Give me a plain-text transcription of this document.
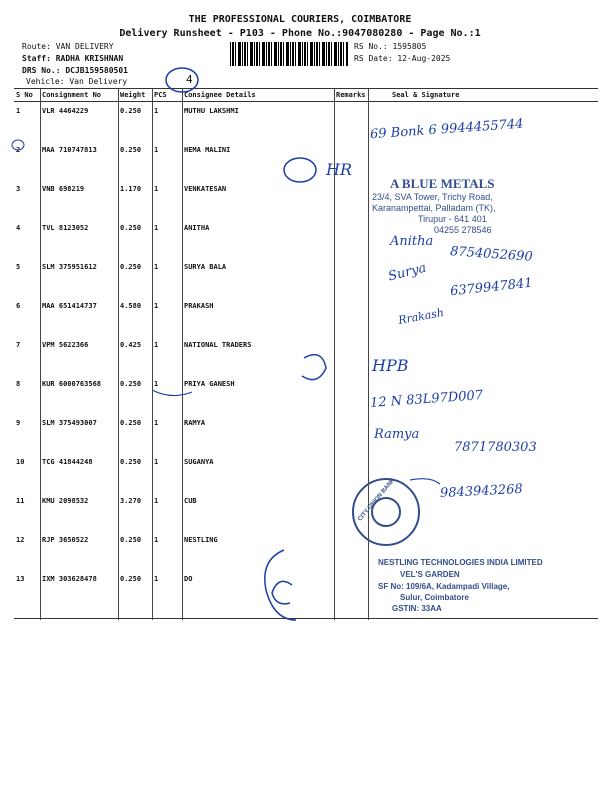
THE PROFESSIONAL COURIERS, COIMBATORE
Delivery Runsheet - P103 - Phone No.:9047080280 - Page No.:1
Route: VAN DELIVERY
Staff: RADHA KRISHNAN
DRS No.: DCJB159580501
Vehicle: Van Delivery
RS No.: 1595805
RS Date: 12-Aug-2025
S No	Consignment No	Weight	PCS	Consignee Details	Remarks	Seal & Signature
1	VLR 4464229	0.250	1	MUTHU LAKSHMI		
2	MAA 710747813	0.250	1	HEMA MALINI		
3	VNB 698219	1.170	1	VENKATESAN		
4	TVL 8123052	0.250	1	ANITHA		
5	SLM 375951612	0.250	1	SURYA BALA		
6	MAA 651414737	4.580	1	PRAKASH		
7	VPM 5622366	0.425	1	NATIONAL TRADERS		
8	KUR 6000763568	0.250	1	PRIYA GANESH		
9	SLM 375493007	0.250	1	RAMYA		
10	TCG 41844248	0.250	1	SUGANYA		
11	KMU 2098532	3.270	1	CUB		
12	RJP 3650522	0.250	1	NESTLING		
13	IXM 303628478	0.250	1	DO		
4
69 Bonk 6 9944455744
HR
A BLUE METALS
23/4, SVA Tower, Trichy Road,
Karanampettai, Palladam (TK),
Tirupur - 641 401
04255 278546
Anitha
8754052690
Surya
6379947841
Rrakash
HPB
12 N 83L97D007
Ramya
7871780303
CITY UNION BANK	9843943268
NESTLING TECHNOLOGIES INDIA LIMITED
VEL'S GARDEN
SF No: 109/6A, Kadampadi Village,
Sulur, Coimbatore
GSTIN: 33AA
